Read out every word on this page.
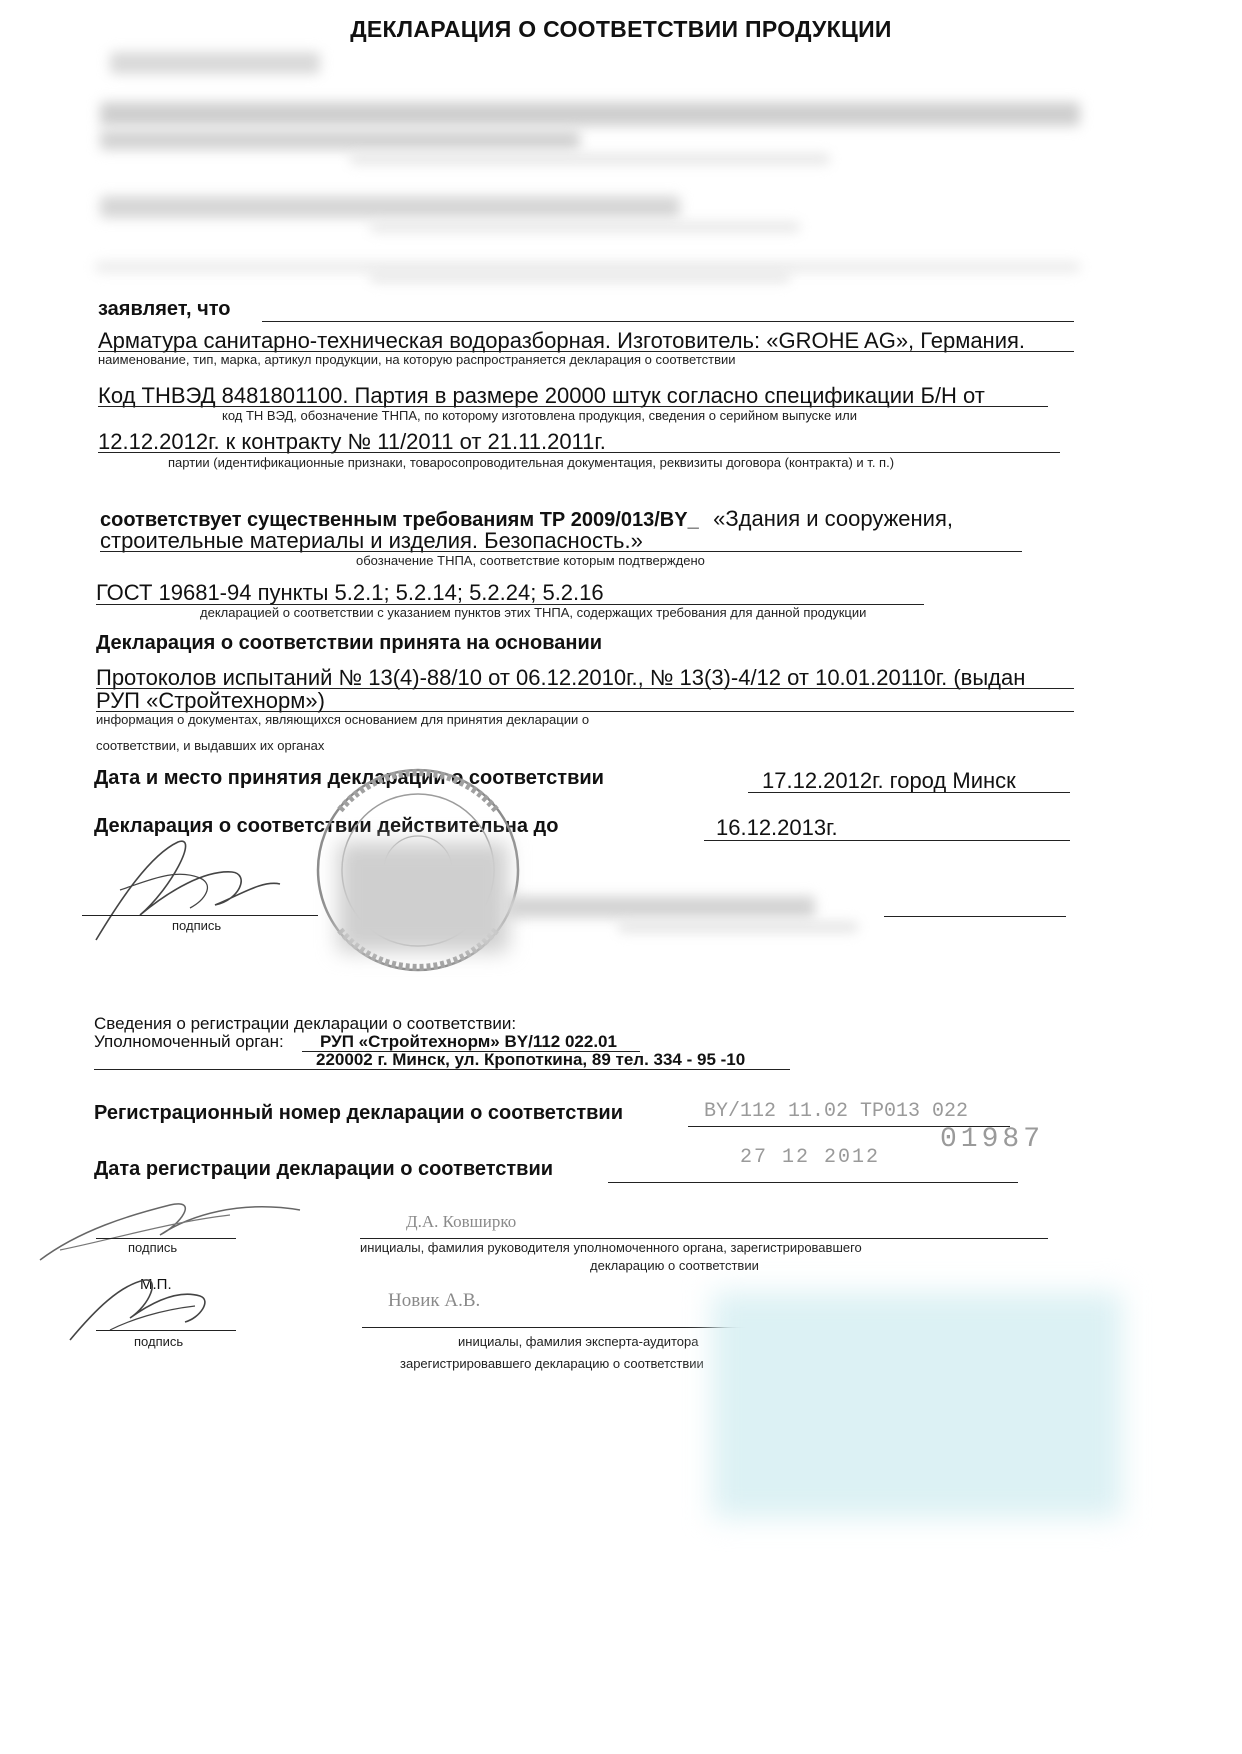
ДЕКЛАРАЦИЯ О СООТВЕТСТВИИ ПРОДУКЦИИ
заявляет, что
Арматура санитарно-техническая водоразборная. Изготовитель: «GROHE AG», Германия.
наименование, тип, марка, артикул продукции, на которую распространяется декларация о соответствии
Код ТНВЭД 8481801100. Партия в размере 20000 штук согласно спецификации Б/Н от
код ТН ВЭД, обозначение ТНПА, по которому изготовлена продукция, сведения о серийном выпуске или
12.12.2012г. к контракту № 11/2011 от 21.11.2011г.
партии (идентификационные признаки, товаросопроводительная документация, реквизиты договора (контракта) и т. п.)
соответствует существенным требованиям ТР 2009/013/BY_ «Здания и сооружения,
строительные материалы и изделия. Безопасность.»
обозначение ТНПА, соответствие которым подтверждено
ГОСТ 19681-94 пункты 5.2.1; 5.2.14; 5.2.24; 5.2.16
декларацией о соответствии с указанием пунктов этих ТНПА, содержащих требования для данной продукции
Декларация о соответствии принята на основании
Протоколов испытаний № 13(4)-88/10 от 06.12.2010г., № 13(3)-4/12 от 10.01.20110г. (выдан
РУП «Стройтехнорм»)
информация о документах, являющихся основанием для принятия декларации о
соответствии, и выдавших их органах
Дата и место принятия декларации о соответствии	17.12.2012г. город Минск
Декларация о соответствии действительна до	16.12.2013г.
подпись
Сведения о регистрации декларации о соответствии:
Уполномоченный орган: РУП «Стройтехнорм» BY/112 022.01
220002 г. Минск, ул. Кропоткина, 89 тел. 334 - 95 -10
Регистрационный номер декларации о соответствии	BY/112 11.02 ТР013 022
01987
Дата регистрации декларации о соответствии	27 12 2012
подпись
Д.А. Ковширко
инициалы, фамилия руководителя уполномоченного органа, зарегистрировавшего
декларацию о соответствии
М.П.
подпись
Новик А.В.
инициалы, фамилия эксперта-аудитора
зарегистрировавшего декларацию о соответствии
